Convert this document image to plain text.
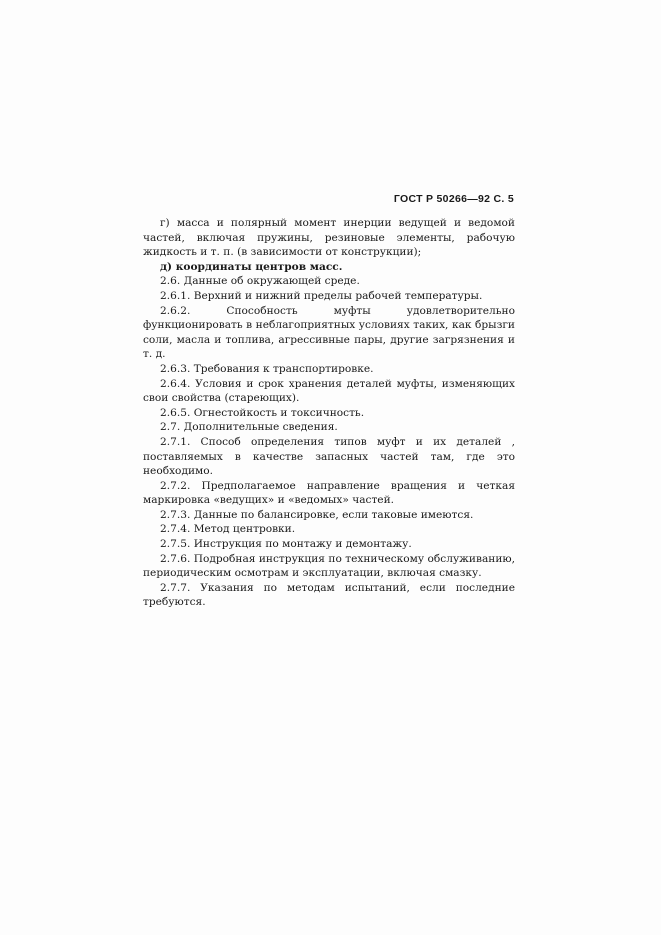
ГОСТ Р 50266—92 С. 5

г) масса и полярный момент инерции ведущей и ведомой частей, включая пружины, резиновые элементы, рабочую жидкость и т. п. (в зависимости от конструкции);

д) координаты центров масс.

2.6. Данные об окружающей среде.

2.6.1. Верхний и нижний пределы рабочей температуры.

2.6.2. Способность муфты удовлетворительно функционировать в неблагоприятных условиях таких, как брызги соли, масла и топлива, агрессивные пары, другие загрязнения и т. д.

2.6.3. Требования к транспортировке.

2.6.4. Условия и срок хранения деталей муфты, изменяющих свои свойства (стареющих).

2.6.5. Огнестойкость и токсичность.

2.7. Дополнительные сведения.

2.7.1. Способ определения типов муфт и их деталей , поставляемых в качестве запасных частей там, где это необходимо.

2.7.2. Предполагаемое направление вращения и четкая маркировка «ведущих» и «ведомых» частей.

2.7.3. Данные по балансировке, если таковые имеются.

2.7.4. Метод центровки.

2.7.5. Инструкция по монтажу и демонтажу.

2.7.6. Подробная инструкция по техническому обслуживанию, периодическим осмотрам и эксплуатации, включая смазку.

2.7.7. Указания по методам испытаний, если последние требуются.
